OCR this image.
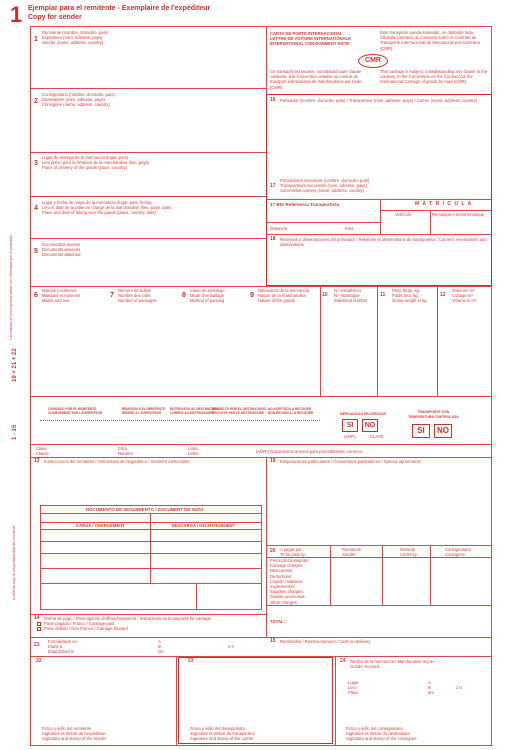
1 Ejemplar para el remitente - Exemplaire de l'expéditeur
Copy for sender
Las casillas en línea gruesa deben ser rellenadas por el porteador
19 + 21 + 22
1 - 15
A rellenar bajo la responsabilidad del remitente
1
Remitente (nombre, domicilio, país)
Expéditeur (nom, adresse, pays)
Sender (name, address, country)
CARTA DE PORTE INTERNACIONAL
LETTRE DE VOITURE INTERNATIONALE
INTERNATIONAL CONSIGNMENT NOTE
Este transporte queda sometido, no obstante toda cláusula contraria, al Convenio sobre el Contrato de Transporte Internacional de Mercancías por Carretera (CMR).
Ce transport est soumis, nonobstant toute clause contraire, à la Convention relative au contrat de transport international de marchandises par route (CMR).
This carriage is subject, notwithstanding any clause to the contrary, to the Convention on the Contract for the International Carriage of goods by road (CMR).
CMR
2
Consignatario (nombre, domicilio, país)
Destinataire (nom, adresse, pays)
Consignee (name, address, country)
16 Porteador (nombre, domicilio, país) / Transporteur (nom, adresse, pays) / Carrier (name, address, country)
3
Lugar de entrega de la mercancía (lugar, país)
Lieu prévu pour la livraison de la marchandise (lieu, pays)
Place of delivery of the goods (place, country)
17
Porteadores sucesivos (nombre, domicilio, país)
Transporteurs successifs (nom, adresse, pays)
Successive carriers (name, address, country)
4
Lugar y fecha de carga de la mercancía (lugar, país, fecha)
Lieu et date de la prise en charge de la marchandise (lieu, pays, date)
Place and date of taking over the goods (place, country, date)
17 BIS Referencia Transportista	M A T R I C U L A
Vehículo	Remolque o Semirremolque
Distancia	Kms.
18 Reservas y observaciones del porteador / Réserves et observations du transporteur / Carrier's reservations and observations
5
Documentos anexos
Documents annexés
Documents attached
6
Marcas y números
Marques et numéros
Marks and nos
7
Número de bultos
Nombre des colis
Number of packages
8
Clase de embalaje
Mode d'emballage
Method of packing
9
Naturaleza de la mercancía
Nature de la marchandise
Nature of the goods
10
N.º estadístico
N.º statistique
Statistical number
11
Peso bruto, kg.
Poids brut, kg.
Gross weight in kg.
12
Volumen m³
Cubage m³
Volume in m³
CARGADO POR EL REMITENTE
CHARGEMENT PAR L'EXPÉDITEUR
REMISIÓN A EL REMITENTE
REMISE À L'EXPÉDITEUR
ENTREGADO AL DESTINATARIO
LIVRÉES AU DESTINATAIRE
DEVUELTO POR EL DESTINATARIO
RENVOYÉ PAR LE DESTINATAIRE
NO ACEPTADO A RECOGER
NON-RECUEILLI À RECOGER	MERCANCÍAS PELIGROSAS
SI	NO
(ADR)	CLASE
TRANSPORTE CON
TEMPERATURA CONTROLADA
SI	NO
Clase
Classe
Cifra
Numéro
Letra
Lettre	(ADR*) Documentos anexos para procedimiento correcto.
13 Instrucciones del remitente / Instructions de l'expéditeur / Sender's instructions	19 Estipulaciones particulares / Conventions particulières / Special agreements
DOCUMENTO DE SEGUIMIENTO / DOCUMENT DE SUIVI
CARGA / CHARGEMENT	DESCARGA / DÉCHARGEMENT
20 A pagar por:
To be paid by:
Remitente
Sender
Moneda
Currency
Consignatario
Consignee
Precio del transporte:
Carriage charges:
Descuentos:
Deductions:
Líquido / Balance:
Suplementos:
Supplem.charges:
Gastos accesorios:
Other charges:
TOTAL:
14 Forma de pago / Prescriptions d'affranchissement / Instructions as to payment for carriage
Porte pagado / Franco / Carriage paid
Porte debido / Non Franco / Carriage forward
21
Formalizado en
Etabli à
Established in
A
le
On
2 0
15 Reembolso / Remboursement / Cash on delivery
22	23	24 Recibo de la mercancía / Marchandise reçue /
Goods received
Lugar
Lieu
Place
A
le
am
2 0
Firma y sello del remitente
Signature et timbre de l'expéditeur
Signature and stamp of the sender
Firma y sello del transportista
Signature et timbre du transporteur
Signature and stamp of the carrier
Firma y sello del consignatario
Signature et timbre du destinataire
Signature and stamp of the consignee
